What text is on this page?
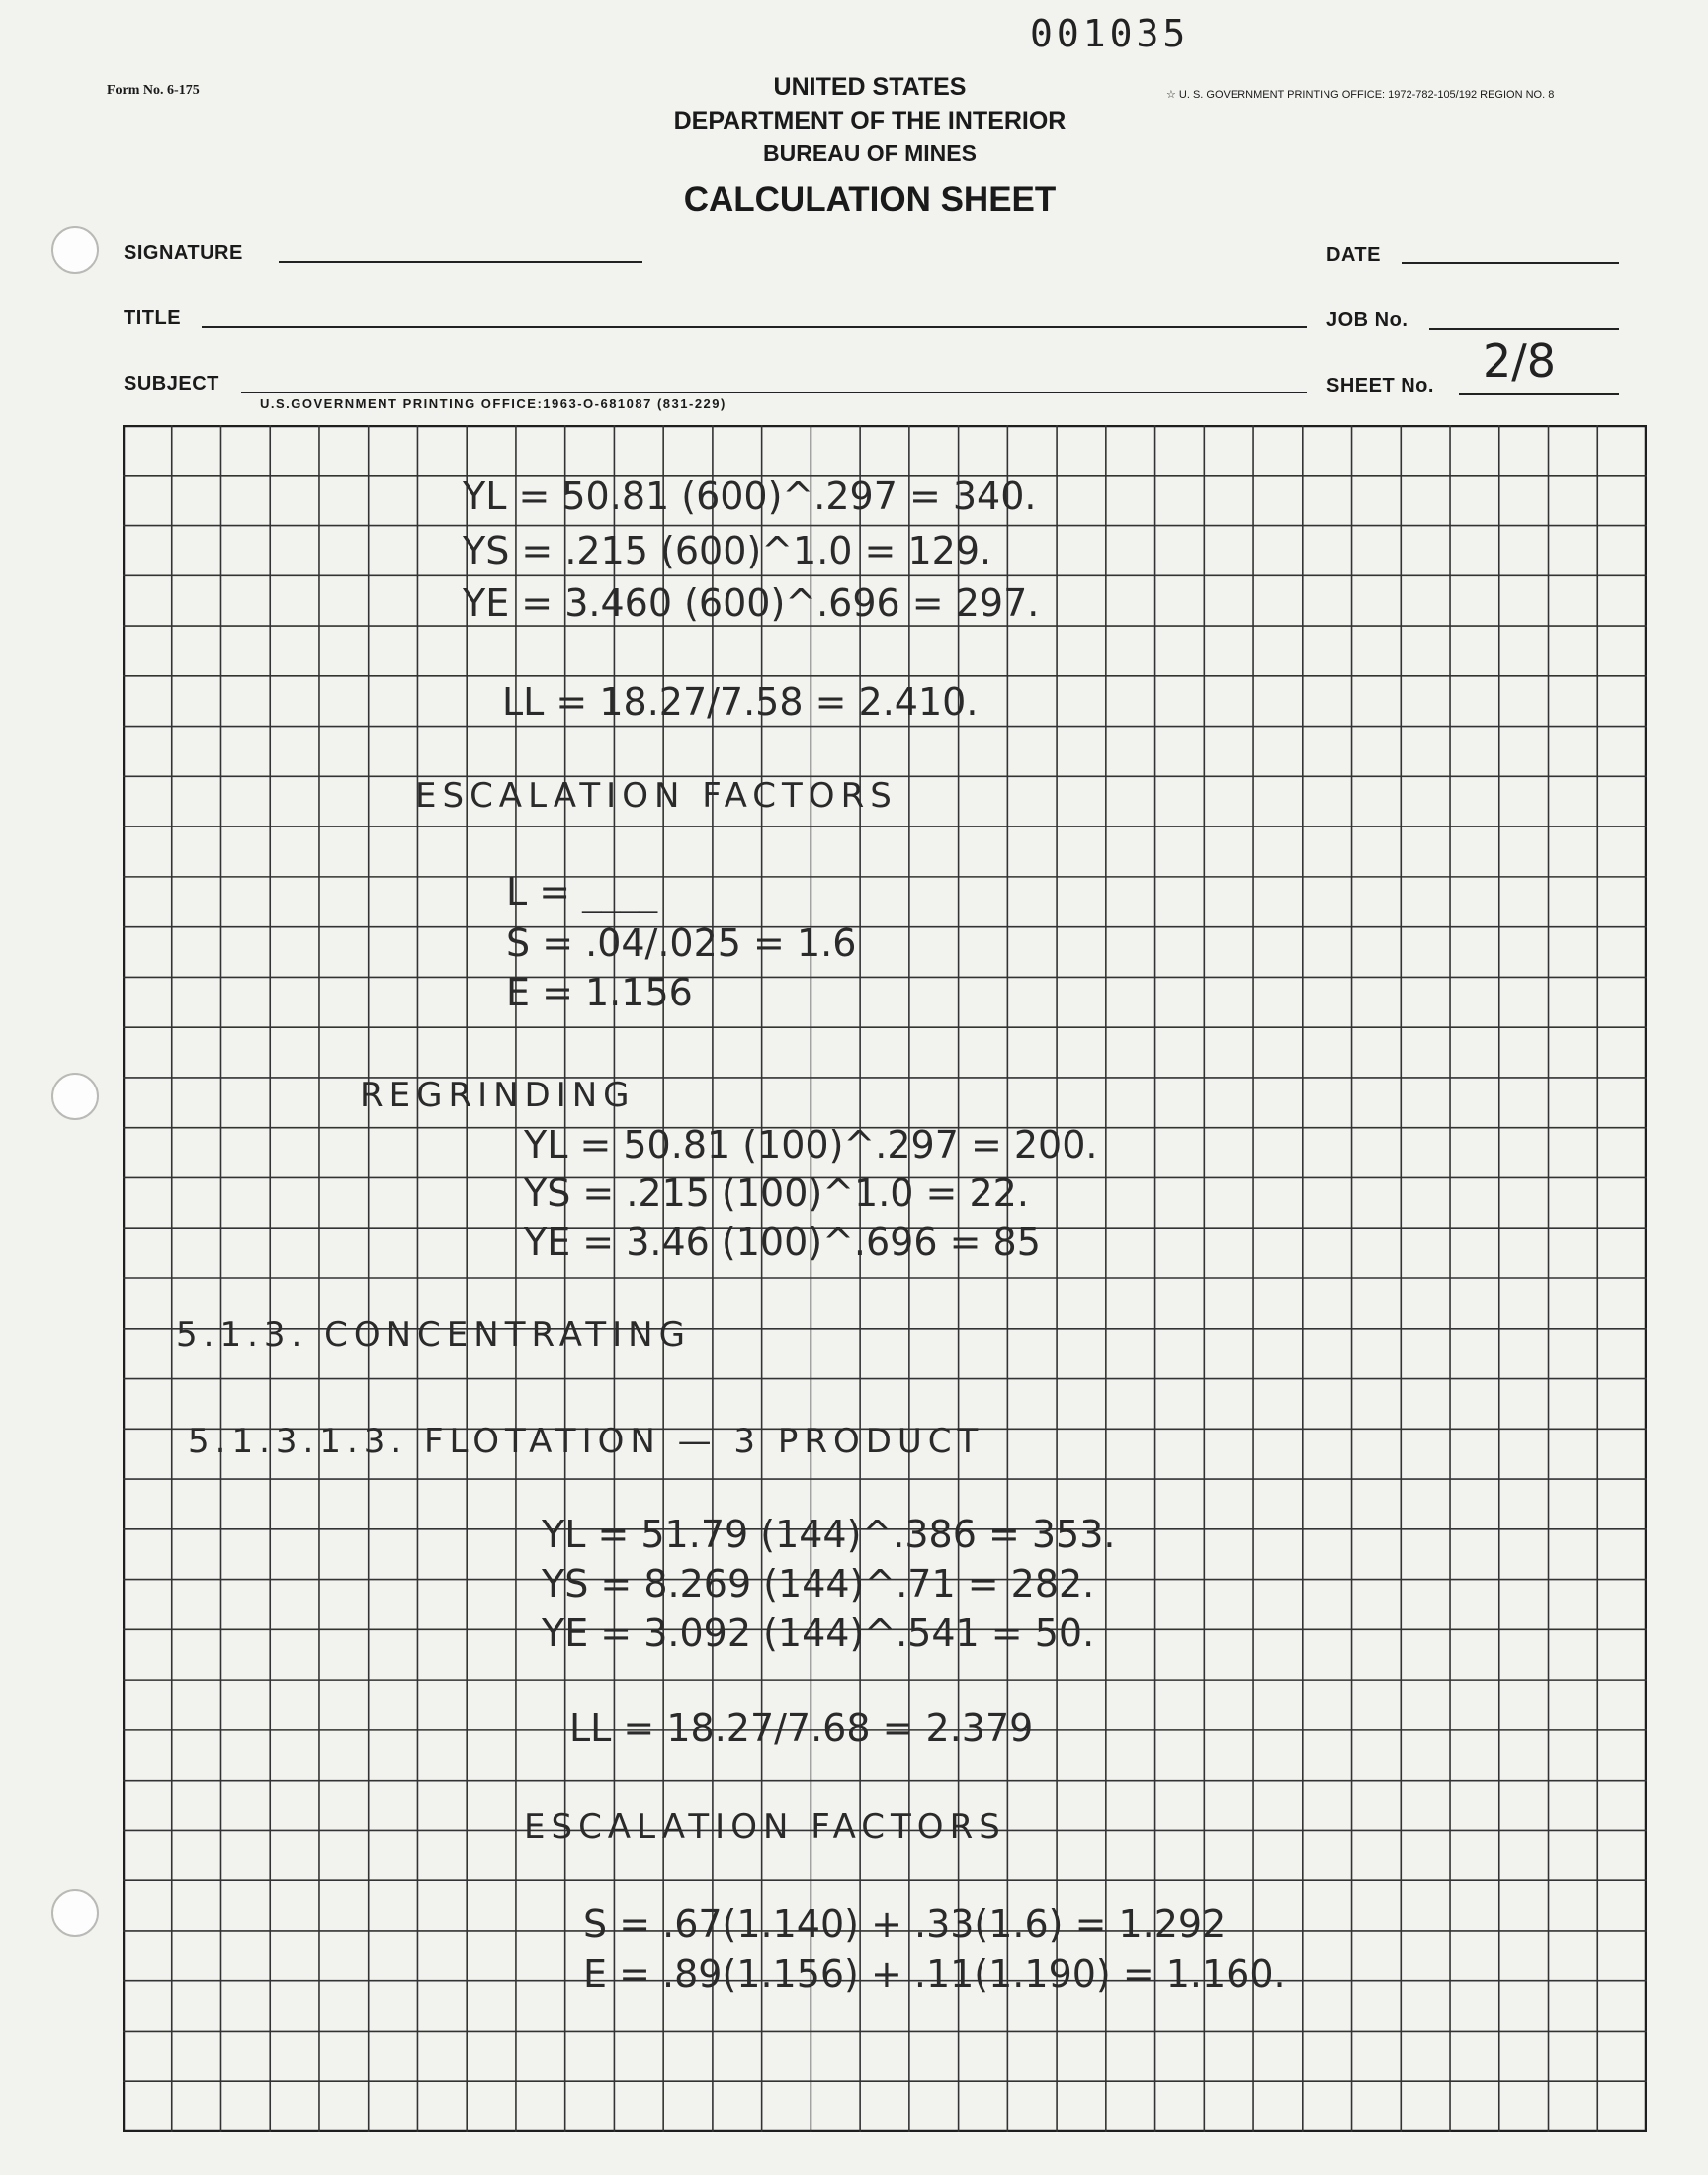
001035
Form No. 6-175	☆ U. S. GOVERNMENT PRINTING OFFICE: 1972-782-105/192 REGION NO. 8
UNITED STATES
DEPARTMENT OF THE INTERIOR
BUREAU OF MINES
CALCULATION SHEET
SIGNATURE	DATE
TITLE	JOB No.
SUBJECT	SHEET No. 2/8
U.S.GOVERNMENT PRINTING OFFICE:1963-O-681087 (831-229)
YL = 50.81 (600)^.297 = 340.
YS = .215 (600)^1.0 = 129.
YE = 3.460 (600)^.696 = 297.
LL = 18.27/7.58 = 2.410.
ESCALATION FACTORS
L = ____
S = .04/.025 = 1.6
E = 1.156
REGRINDING
YL = 50.81 (100)^.297 = 200.
YS = .215 (100)^1.0 = 22.
YE = 3.46 (100)^.696 = 85
5.1.3. CONCENTRATING
5.1.3.1.3. FLOTATION — 3 PRODUCT
YL = 51.79 (144)^.386 = 353.
YS = 8.269 (144)^.71 = 282.
YE = 3.092 (144)^.541 = 50.
LL = 18.27/7.68 = 2.379
ESCALATION FACTORS
S = .67(1.140) + .33(1.6) = 1.292
E = .89(1.156) + .11(1.190) = 1.160.
